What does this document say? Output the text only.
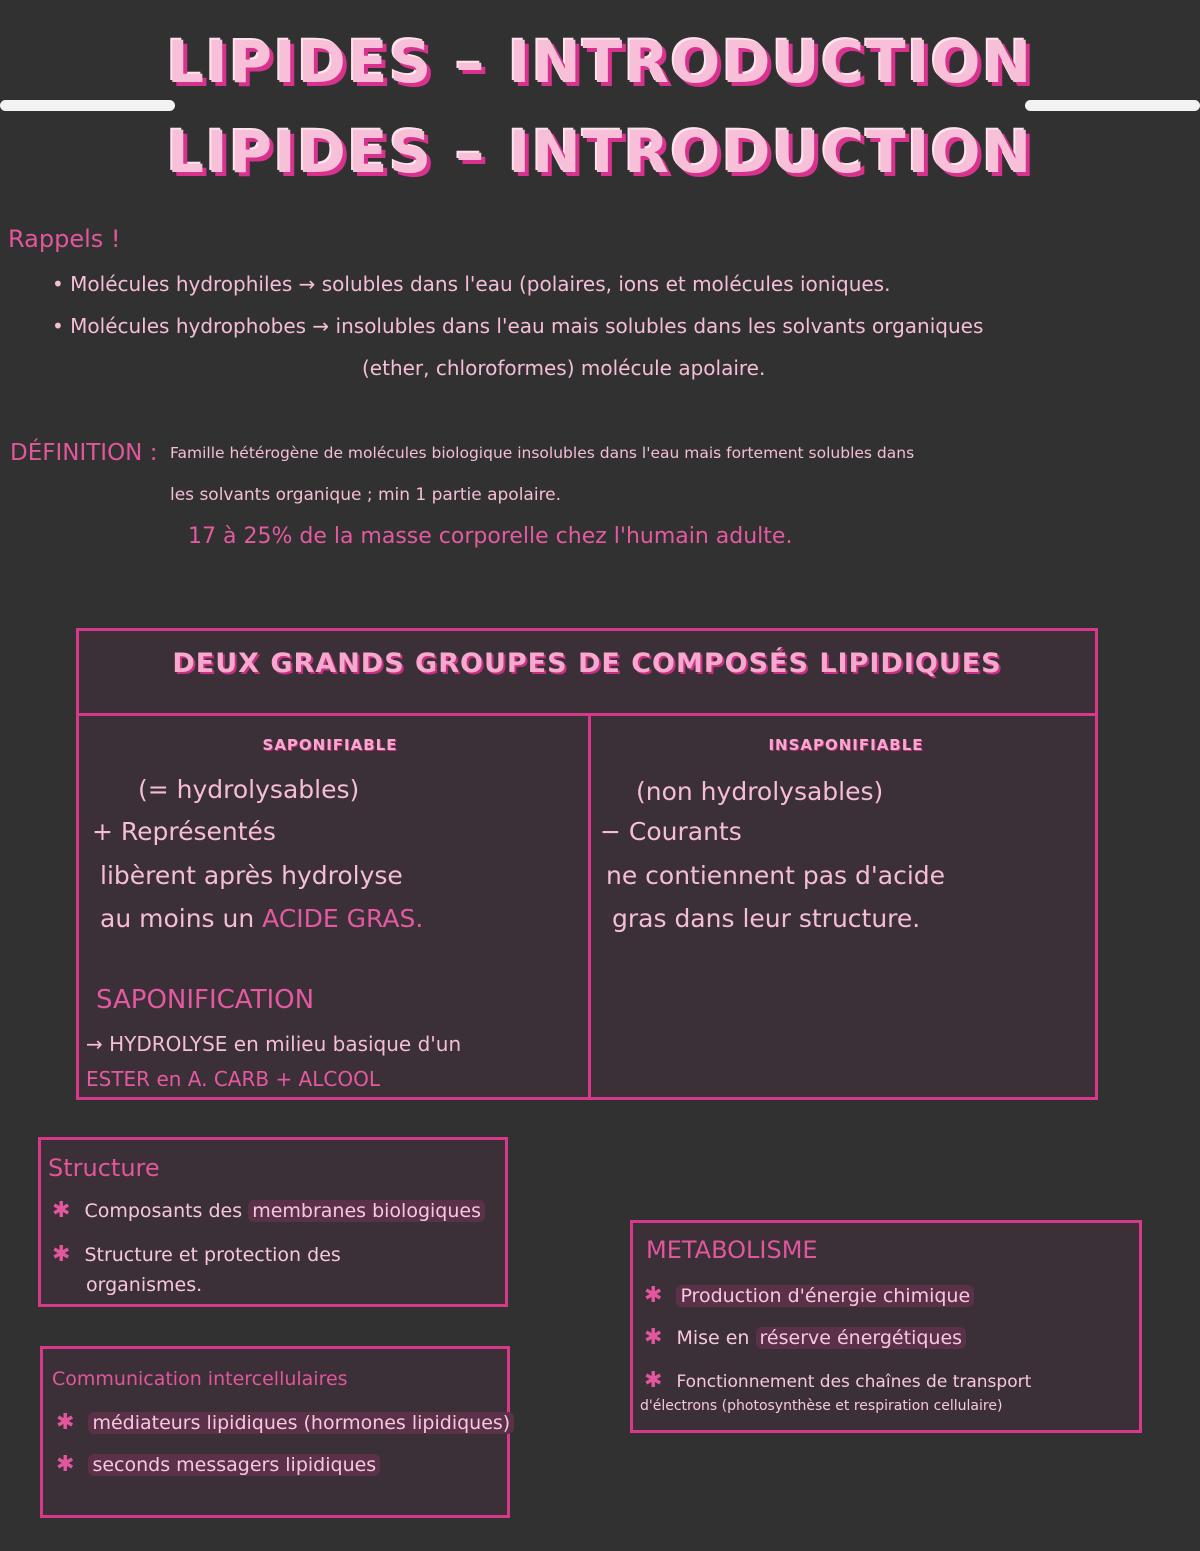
LIPIDES – INTRODUCTION
LIPIDES – INTRODUCTION
Rappels !
• Molécules hydrophiles → solubles dans l'eau (polaires, ions et molécules ioniques.
• Molécules hydrophobes → insolubles dans l'eau mais solubles dans les solvants organiques
(ether, chloroformes) molécule apolaire.
DÉFINITION : Famille hétérogène de molécules biologique insolubles dans l'eau mais fortement solubles dans
les solvants organique ; min 1 partie apolaire.
17 à 25% de la masse corporelle chez l'humain adulte.
DEUX GRANDS GROUPES DE COMPOSÉS LIPIDIQUES
SAPONIFIABLE	INSAPONIFIABLE
(= hydrolysables)
+ Représentés
libèrent après hydrolyse
au moins un ACIDE GRAS.
SAPONIFICATION
→ HYDROLYSE en milieu basique d'un
ESTER en A. CARB + ALCOOL
(non hydrolysables)
− Courants
ne contiennent pas d'acide
gras dans leur structure.
Structure
✱ Composants des membranes biologiques
✱ Structure et protection des
organismes.
Communication intercellulaires
✱ médiateurs lipidiques (hormones lipidiques)
✱ seconds messagers lipidiques
METABOLISME
✱ Production d'énergie chimique
✱ Mise en réserve énergétiques
✱ Fonctionnement des chaînes de transport
d'électrons (photosynthèse et respiration cellulaire)
